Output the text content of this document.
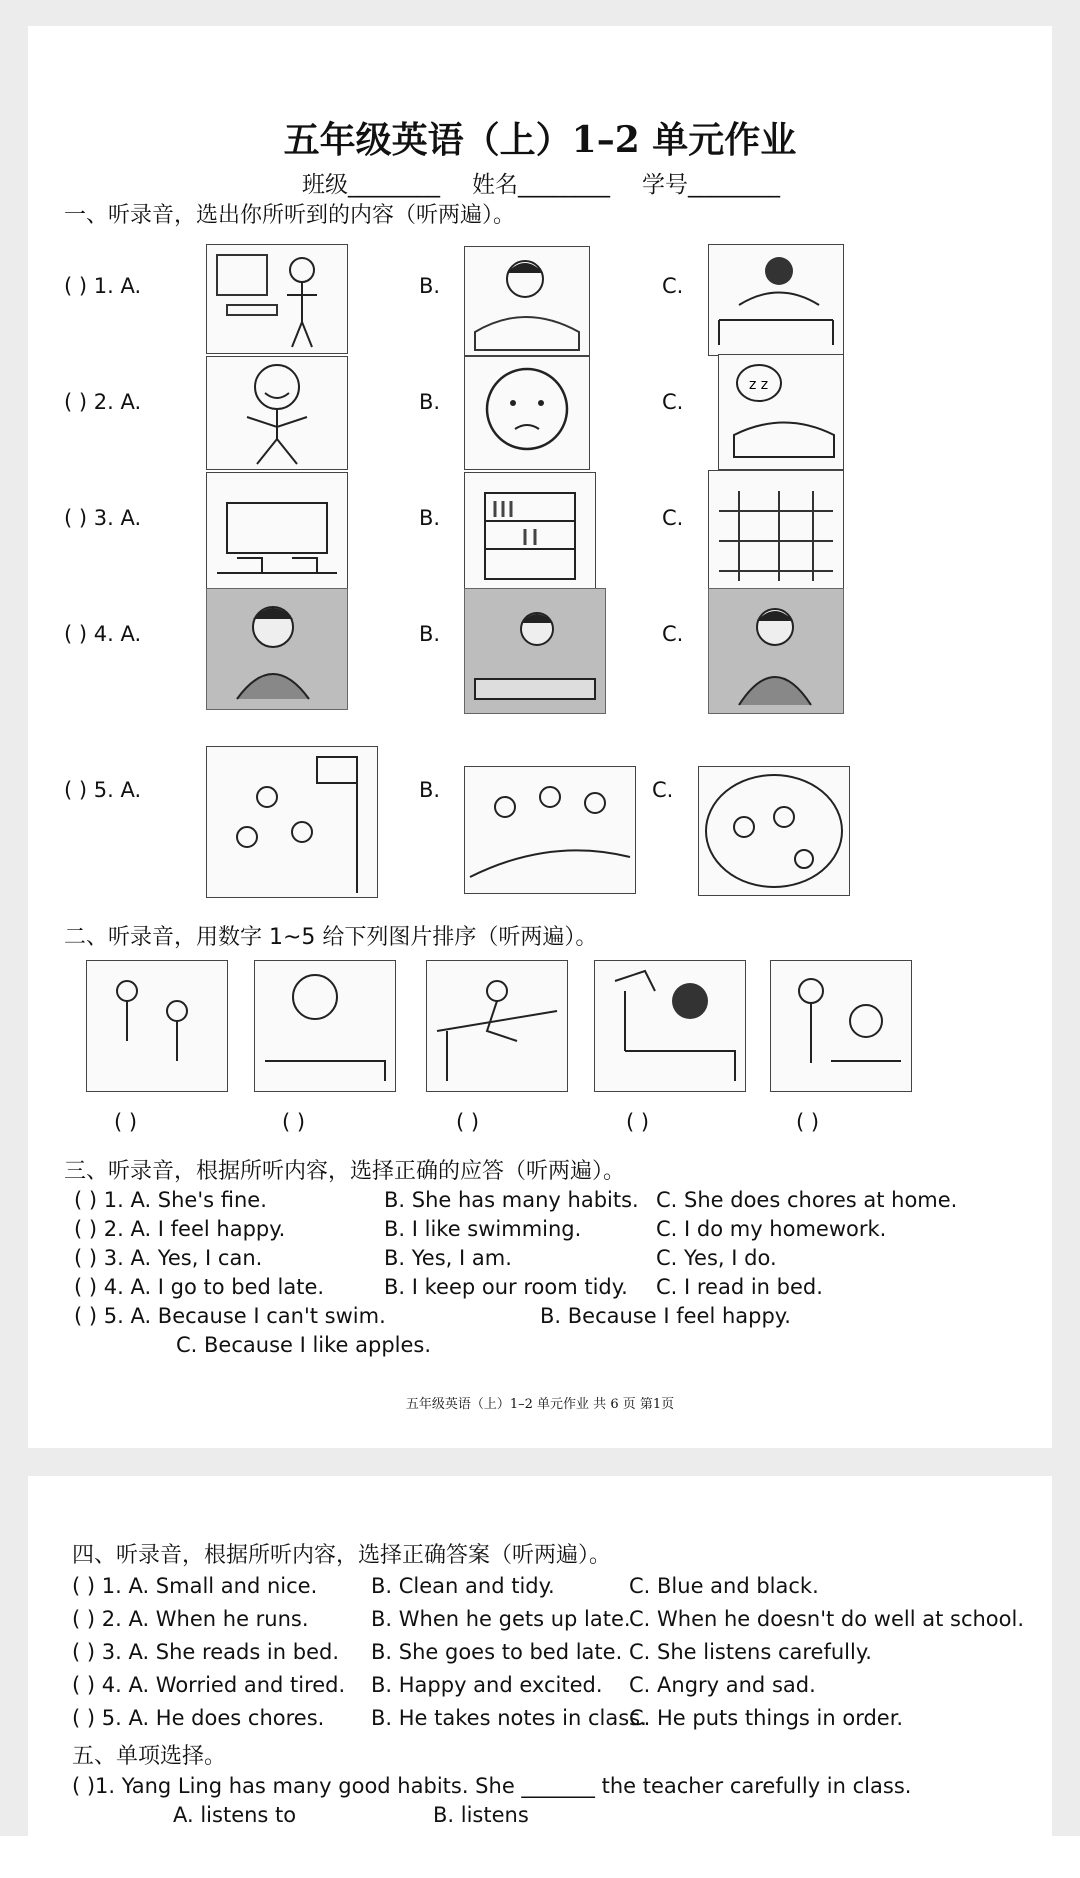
五年级英语（上）1–2 单元作业
班级________ 姓名________ 学号________
一、听录音，选出你所听到的内容（听两遍）。
( ) 1. A.	B.	C.
( ) 2. A.	B.	C.
z z
( ) 3. A.	B.	C.
( ) 4. A.	B.	C.
( ) 5. A.	B.	C.
二、听录音，用数字 1~5 给下列图片排序（听两遍）。
( )	( )	( )	( )	( )
三、听录音，根据所听内容，选择正确的应答（听两遍）。
( ) 1. A. She's fine.	B. She has many habits. C. She does chores at home.
( ) 2. A. I feel happy.	B. I like swimming.	C. I do my homework.
( ) 3. A. Yes, I can.	B. Yes, I am.	C. Yes, I do.
( ) 4. A. I go to bed late.	B. I keep our room tidy. C. I read in bed.
( ) 5. A. Because I can't swim.	B. Because I feel happy.
C. Because I like apples.
五年级英语（上）1–2 单元作业 共 6 页 第1页
四、听录音，根据所听内容，选择正确答案（听两遍）。
( ) 1. A. Small and nice.	B. Clean and tidy.	C. Blue and black.
( ) 2. A. When he runs.	B. When he gets up late.
C. When he doesn't do well at school.
( ) 3. A. She reads in bed. B. She goes to bed late. C. She listens carefully.
( ) 4. A. Worried and tired. B. Happy and excited. C. Angry and sad.
( ) 5. A. He does chores. B. He takes notes in class.
C. He puts things in order.
五、单项选择。
( )1. Yang Ling has many good habits. She _______ the teacher carefully in class.
A. listens to	B. listens
